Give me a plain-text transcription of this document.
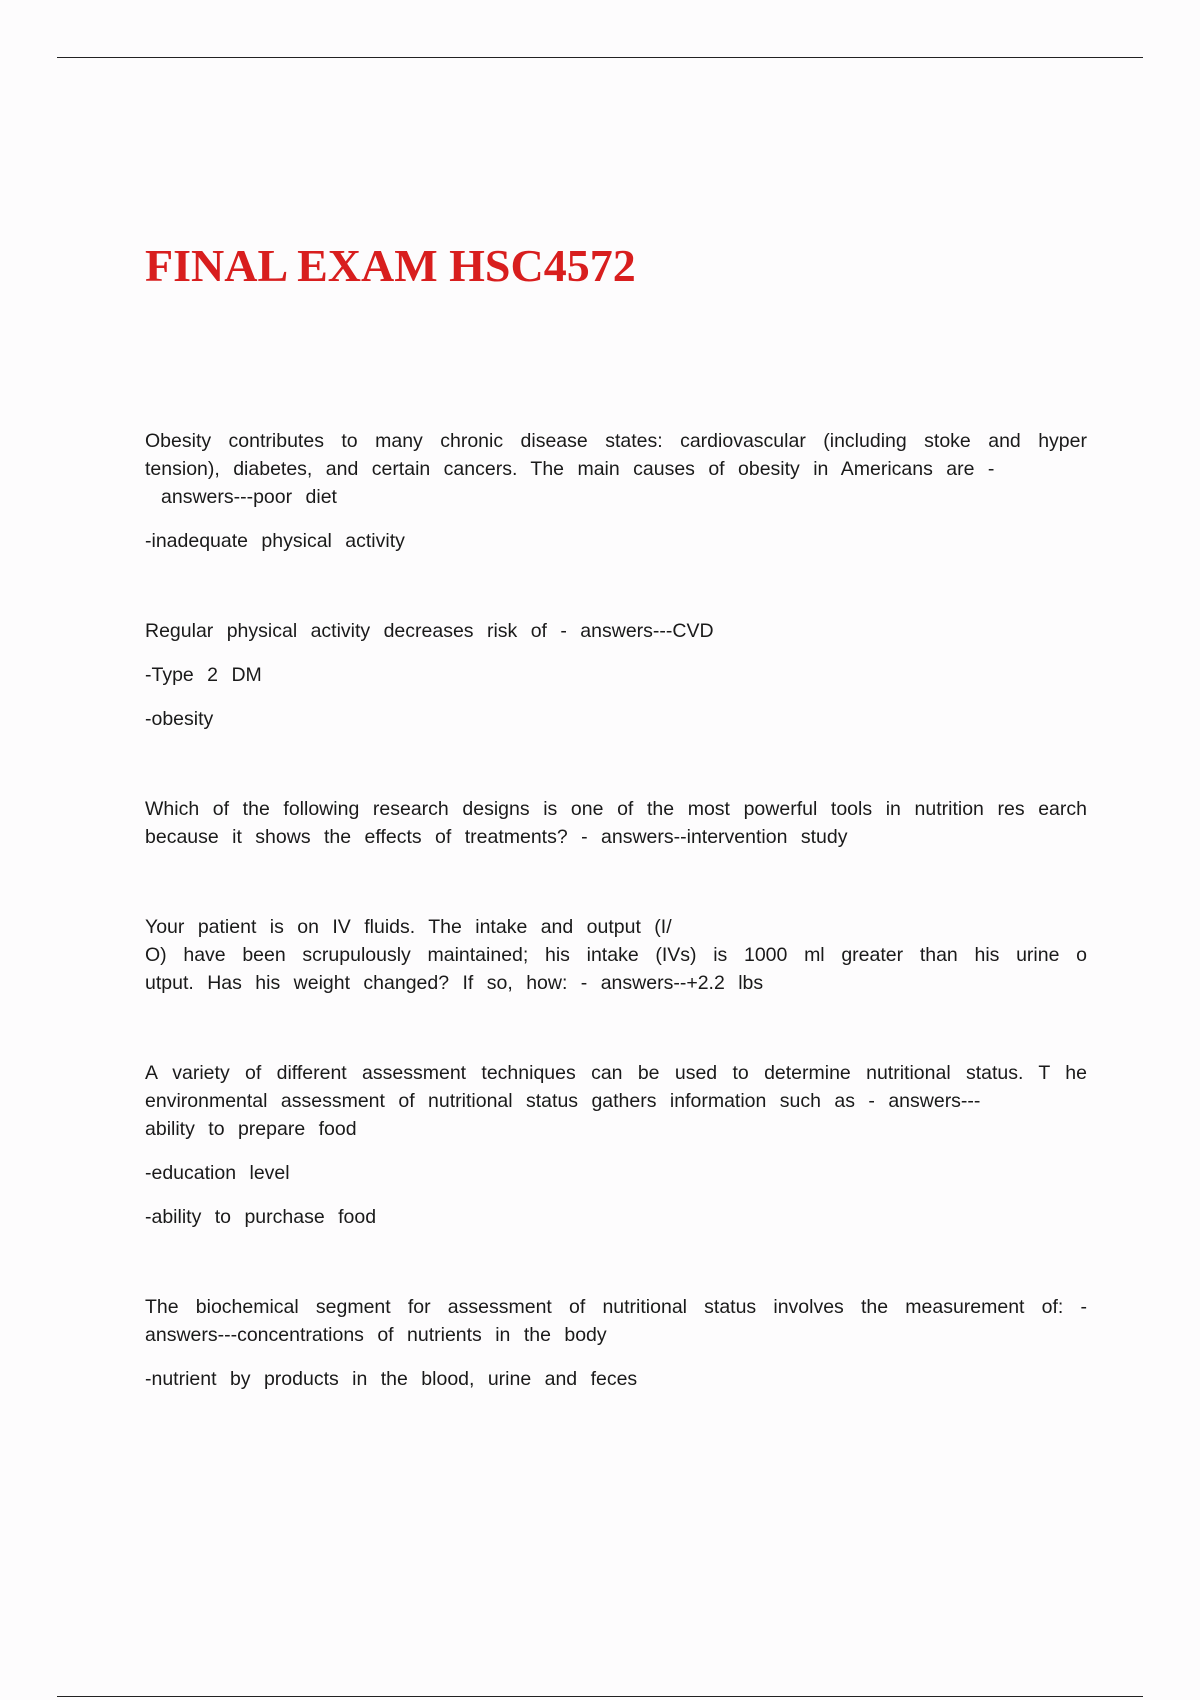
FINAL EXAM HSC4572

Obesity contributes to many chronic disease states: cardiovascular (including stoke and hyper tension), diabetes, and certain cancers. The main causes of obesity in Americans are -

answers---poor diet

-inadequate physical activity

Regular physical activity decreases risk of - answers---CVD

-Type 2 DM

-obesity

Which of the following research designs is one of the most powerful tools in nutrition res earch because it shows the effects of treatments? - answers--intervention study

Your patient is on IV fluids. The intake and output (I/

O) have been scrupulously maintained; his intake (IVs) is 1000 ml greater than his urine o utput. Has his weight changed? If so, how: - answers--+2.2 lbs

A variety of different assessment techniques can be used to determine nutritional status. T he environmental assessment of nutritional status gathers information such as - answers---

ability to prepare food

-education level

-ability to purchase food

The biochemical segment for assessment of nutritional status involves the measurement of: - answers---concentrations of nutrients in the body

-nutrient by products in the blood, urine and feces
